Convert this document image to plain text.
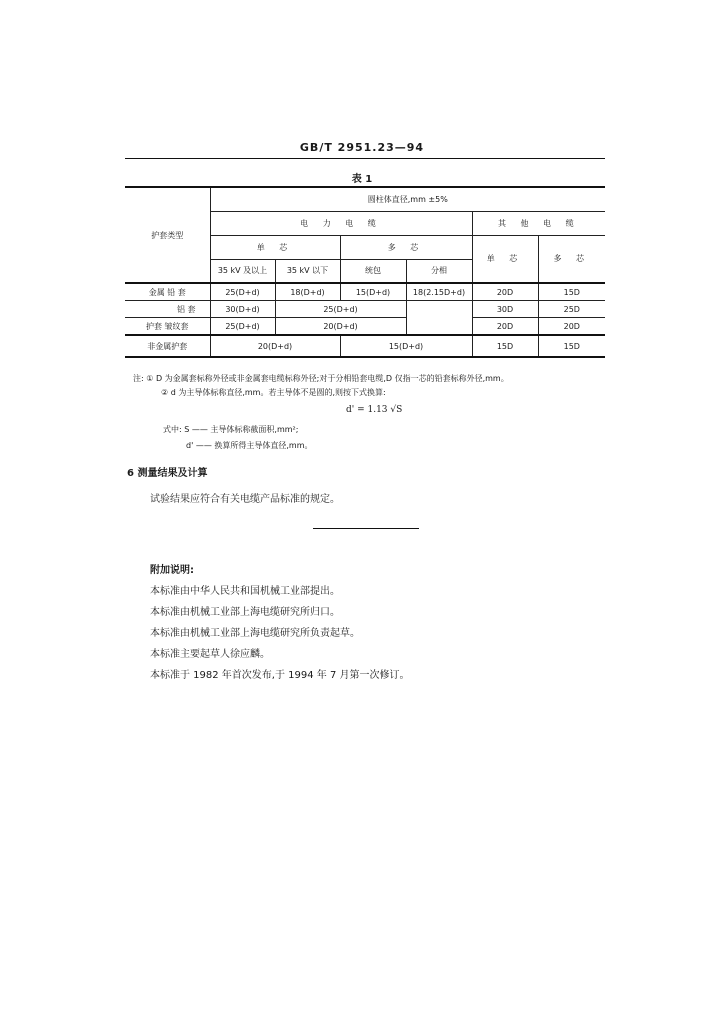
GB/T 2951.23—94
表 1
护套类型	圆柱体直径,mm ±5%					
	电 力 电 缆				其 他 电 缆	
	单 芯		多 芯		单 芯	多 芯
	35 kV 及以上	35 kV 以下	统包	分相		
金属 铅 套	25(D+d)	18(D+d)	15(D+d)	18(2.15D+d)	20D	15D
铝 套	30(D+d)	25(D+d)			30D	25D
护套 皱纹套	25(D+d)	20(D+d)			20D	20D
非金属护套	20(D+d)		15(D+d)		15D	15D

注: ① D 为金属套标称外径或非金属套电缆标称外径;对于分相铅套电缆,D 仅指一芯的铅套标称外径,mm。

② d 为主导体标称直径,mm。若主导体不是圆的,则按下式换算:

d' = 1.13 √S
式中: S —— 主导体标称截面积,mm²;
d' —— 换算所得主导体直径,mm。
6 测量结果及计算
试验结果应符合有关电缆产品标准的规定。

附加说明:

本标准由中华人民共和国机械工业部提出。

本标准由机械工业部上海电缆研究所归口。

本标准由机械工业部上海电缆研究所负责起草。

本标准主要起草人徐应麟。

本标准于 1982 年首次发布,于 1994 年 7 月第一次修订。
